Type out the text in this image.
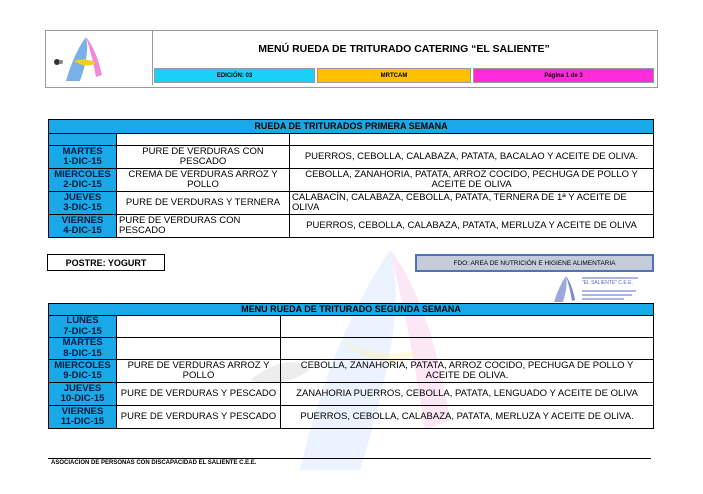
MENÚ RUEDA DE TRITURADO CATERING “EL SALIENTE”
EDICIÓN: 03	MRTCAM	Página 1 de 3
RUEDA DE TRITURADOS PRIMERA SEMANA		

MARTES
1-DIC-15	PURE DE VERDURAS CON PESCADO	PUERROS, CEBOLLA, CALABAZA, PATATA, BACALAO Y ACEITE DE OLIVA.
MIERCOLES
2-DIC-15	CREMA DE VERDURAS ARROZ Y POLLO	CEBOLLA, ZANAHORIA, PATATA, ARROZ COCIDO, PECHUGA DE POLLO Y ACEITE DE OLIVA
JUEVES
3-DIC-15	PURE DE VERDURAS Y TERNERA	CALABACÍN, CALABAZA, CEBOLLA, PATATA, TERNERA DE 1ª Y ACEITE DE OLIVA
VIERNES
4-DIC-15	PURE DE VERDURAS CON PESCADO	PUERROS, CEBOLLA, CALABAZA, PATATA, MERLUZA Y ACEITE DE OLIVA
POSTRE: YOGURT	FDO: AREA DE NUTRICIÓN E HIGIENE ALIMENTARIA
"EL SALIENTE" C.E.E.
MENU RUEDA DE TRITURADO SEGUNDA SEMANA		
LUNES
7-DIC-15		
MARTES
8-DIC-15		
MIERCOLES
9-DIC-15	PURE DE VERDURAS ARROZ Y POLLO	CEBOLLA, ZANAHORIA, PATATA, ARROZ COCIDO, PECHUGA DE POLLO Y ACEITE DE OLIVA.
JUEVES
10-DIC-15	PURE DE VERDURAS Y PESCADO	ZANAHORIA PUERROS, CEBOLLA, PATATA, LENGUADO Y ACEITE DE OLIVA
VIERNES
11-DIC-15	PURE DE VERDURAS Y PESCADO	PUERROS, CEBOLLA, CALABAZA, PATATA, MERLUZA Y ACEITE DE OLIVA.
ASOCIACIÓN DE PERSONAS CON DISCAPACIDAD EL SALIENTE C.E.E.
